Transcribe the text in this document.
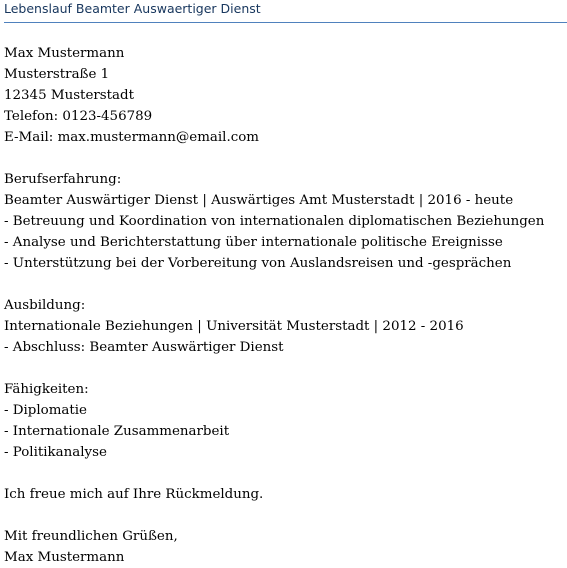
Lebenslauf Beamter Auswaertiger Dienst
Max Mustermann
Musterstraße 1
12345 Musterstadt
Telefon: 0123-456789
E-Mail: max.mustermann@email.com
Berufserfahrung:
Beamter Auswärtiger Dienst | Auswärtiges Amt Musterstadt | 2016 - heute
- Betreuung und Koordination von internationalen diplomatischen Beziehungen
- Analyse und Berichterstattung über internationale politische Ereignisse
- Unterstützung bei der Vorbereitung von Auslandsreisen und -gesprächen
Ausbildung:
Internationale Beziehungen | Universität Musterstadt | 2012 - 2016
- Abschluss: Beamter Auswärtiger Dienst
Fähigkeiten:
- Diplomatie
- Internationale Zusammenarbeit
- Politikanalyse
Ich freue mich auf Ihre Rückmeldung.
Mit freundlichen Grüßen,
Max Mustermann
